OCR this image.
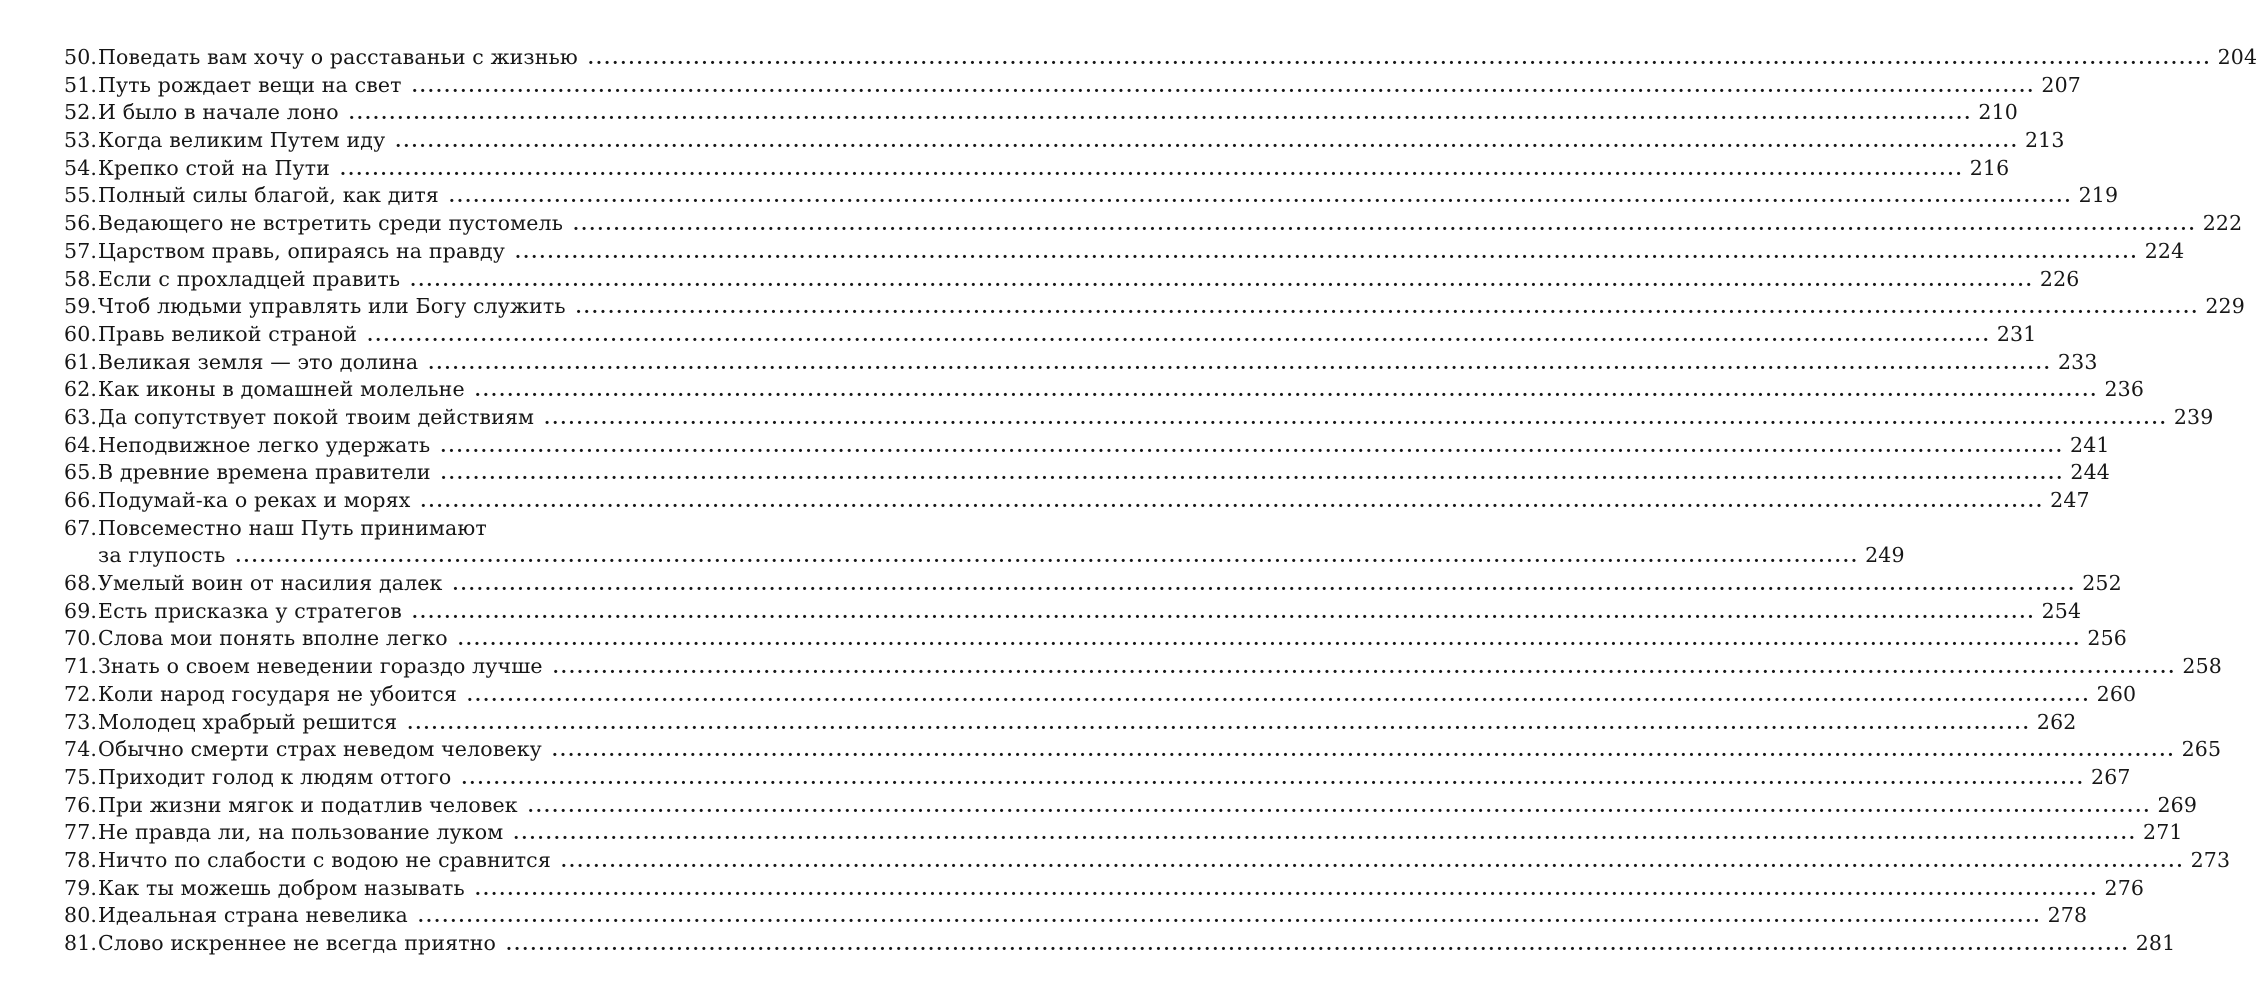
50. Поведать вам хочу о расставаньи с жизнью ........................................................................................................................................................................................................ 204
51. Путь рождает вещи на свет ........................................................................................................................................................................................................ 207
52. И было в начале лоно ........................................................................................................................................................................................................ 210
53. Когда великим Путем иду ........................................................................................................................................................................................................ 213
54. Крепко стой на Пути ........................................................................................................................................................................................................ 216
55. Полный силы благой, как дитя ........................................................................................................................................................................................................ 219
56. Ведающего не встретить среди пустомель ........................................................................................................................................................................................................ 222
57. Царством правь, опираясь на правду ........................................................................................................................................................................................................ 224
58. Если с прохладцей править ........................................................................................................................................................................................................ 226
59. Чтоб людьми управлять или Богу служить ........................................................................................................................................................................................................ 229
60. Правь великой страной ........................................................................................................................................................................................................ 231
61. Великая земля — это долина ........................................................................................................................................................................................................ 233
62. Как иконы в домашней молельне ........................................................................................................................................................................................................ 236
63. Да сопутствует покой твоим действиям ........................................................................................................................................................................................................ 239
64. Неподвижное легко удержать ........................................................................................................................................................................................................ 241
65. В древние времена правители ........................................................................................................................................................................................................ 244
66. Подумай-ка о реках и морях ........................................................................................................................................................................................................ 247
67.Повсеместно наш Путь принимают
за глупость ........................................................................................................................................................................................................ 249
68. Умелый воин от насилия далек ........................................................................................................................................................................................................ 252
69. Есть присказка у стратегов ........................................................................................................................................................................................................ 254
70. Слова мои понять вполне легко ........................................................................................................................................................................................................ 256
71. Знать о своем неведении гораздо лучше ........................................................................................................................................................................................................ 258
72. Коли народ государя не убоится ........................................................................................................................................................................................................ 260
73. Молодец храбрый решится ........................................................................................................................................................................................................ 262
74. Обычно смерти страх неведом человеку ........................................................................................................................................................................................................ 265
75. Приходит голод к людям оттого ........................................................................................................................................................................................................ 267
76. При жизни мягок и податлив человек ........................................................................................................................................................................................................ 269
77. Не правда ли, на пользование луком ........................................................................................................................................................................................................ 271
78. Ничто по слабости с водою не сравнится ........................................................................................................................................................................................................ 273
79. Как ты можешь добром называть ........................................................................................................................................................................................................ 276
80. Идеальная страна невелика ........................................................................................................................................................................................................ 278
81. Слово искреннее не всегда приятно ........................................................................................................................................................................................................ 281
